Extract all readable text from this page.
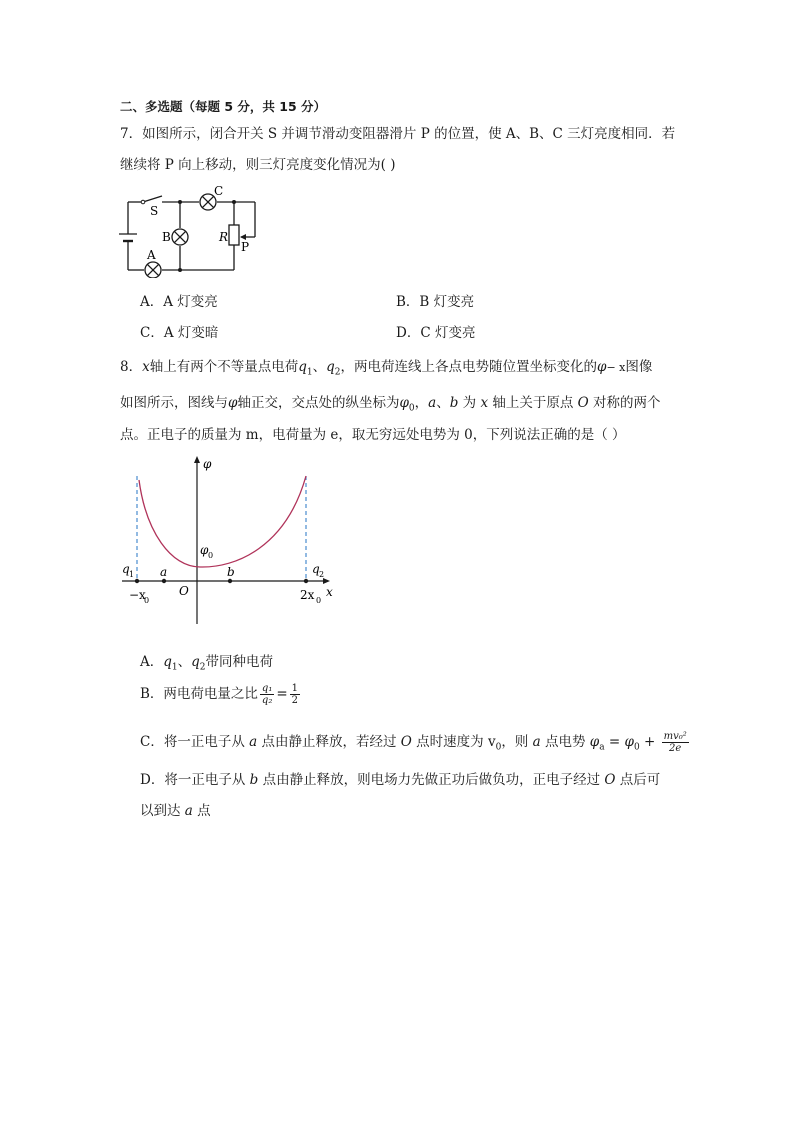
二、多选题（每题 5 分，共 15 分）
7．如图所示，闭合开关 S 并调节滑动变阻器滑片 P 的位置，使 A、B、C 三灯亮度相同．若
继续将 P 向上移动，则三灯亮度变化情况为( )
S
C
B
A
R
P
A．A 灯变亮	B．B 灯变亮
C．A 灯变暗	D．C 灯变亮
8．x轴上有两个不等量点电荷$q_1$、$q_2$，两电荷连线上各点电势随位置坐标变化的φ− x图像
如图所示，图线与φ轴正交，交点处的纵坐标为$\varphi_0$，a、b 为 x 轴上关于原点 O 对称的两个
点。正电子的质量为 m，电荷量为 e，取无穷远处电势为 0，下列说法正确的是（ ）
φ
φ 0
q 1	q 2
a	b
O	x
−x
0	2x 0
A．$q_1$、$q_2$带同种电荷
B．两电荷电量之比 $\frac{\text{q₁}}{\text{q₂}} = \frac{1}{2}$
C．将一正电子从 a 点由静止释放，若经过 O 点时速度为 $v_0$，则 a 点电势 $\varphi_a = \varphi_0 + \frac{\text{mv₀²}}{2e}$
D．将一正电子从 b 点由静止释放，则电场力先做正功后做负功，正电子经过 O 点后可
以到达 a 点
